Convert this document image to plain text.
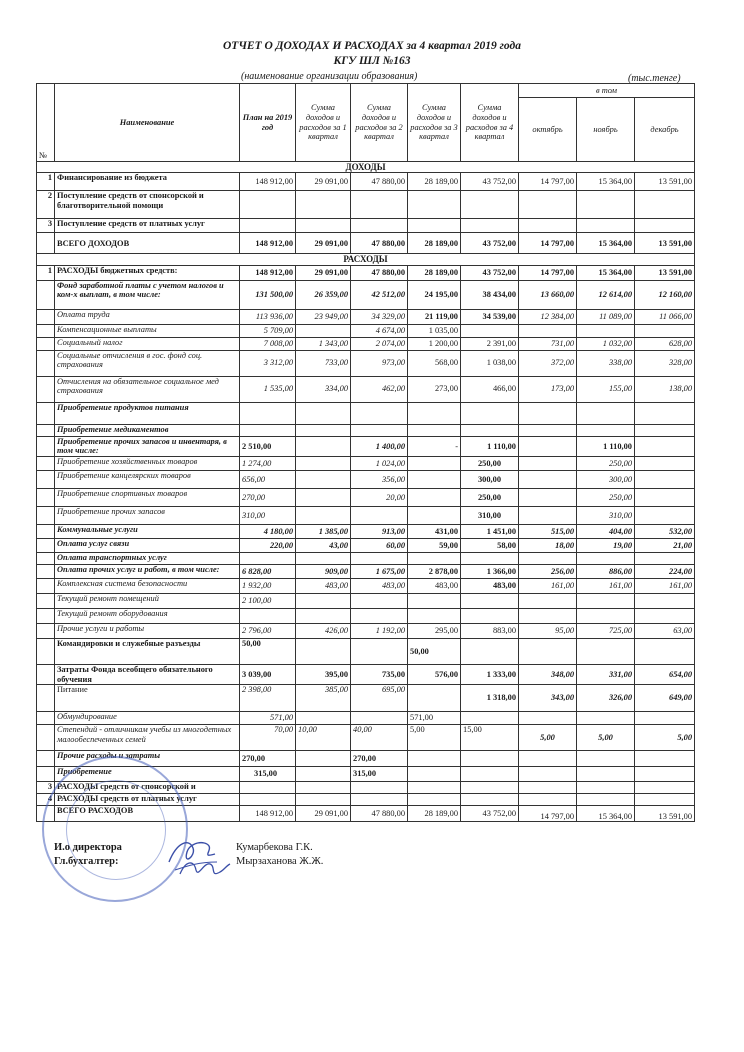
ОТЧЕТ О ДОХОДАХ И РАСХОДАХ за 4 квартал 2019 года
КГУ ШЛ №163
(наименование организации образования)	(тыс.тенге)
№	Наименование	План на 2019 год	Сумма доходов и расходов за 1 квартал	Сумма доходов и расходов за 2 квартал	Сумма доходов и расходов за 3 квартал	Сумма доходов и расходов за 4 квартал	в том		
							октябрь	ноябрь	декабрь
ДОХОДЫ									
1	Финансирование из бюджета	148 912,00	29 091,00	47 880,00	28 189,00	43 752,00	14 797,00	15 364,00	13 591,00
2	Поступление средств от спонсорской и благотворительной помощи								
3	Поступление средств от платных услуг								
	ВСЕГО ДОХОДОВ	148 912,00	29 091,00	47 880,00	28 189,00	43 752,00	14 797,00	15 364,00	13 591,00
РАСХОДЫ									
1	РАСХОДЫ бюджетных средств:	148 912,00	29 091,00	47 880,00	28 189,00	43 752,00	14 797,00	15 364,00	13 591,00
	Фонд заработной платы с учетом налогов и ком-х выплат, в том числе:	131 500,00	26 359,00	42 512,00	24 195,00	38 434,00	13 660,00	12 614,00	12 160,00
	Оплата труда	113 936,00	23 949,00	34 329,00	21 119,00	34 539,00	12 384,00	11 089,00	11 066,00
	Компенсационные выплаты	5 709,00		4 674,00	1 035,00				
	Социальный налог	7 008,00	1 343,00	2 074,00	1 200,00	2 391,00	731,00	1 032,00	628,00
	Социальные отчисления в гос. фонд соц. страхования	3 312,00	733,00	973,00	568,00	1 038,00	372,00	338,00	328,00
	Отчисления на обязательное социальное мед страхования	1 535,00	334,00	462,00	273,00	466,00	173,00	155,00	138,00
	Приобретение продуктов питания								
	Приобретение медикаментов								
	Приобретение прочих запасов и инвентаря, в том числе:	2 510,00		1 400,00	-	1 110,00		1 110,00	
	Приобретение хозяйственных товаров	1 274,00		1 024,00		250,00		250,00	
	Приобретение канцелярских товаров	656,00		356,00		300,00		300,00	
	Приобретение спортивных товаров	270,00		20,00		250,00		250,00	
	Приобретение прочих запасов	310,00				310,00		310,00	
	Коммунальные услуги	4 180,00	1 385,00	913,00	431,00	1 451,00	515,00	404,00	532,00
	Оплата услуг связи	220,00	43,00	60,00	59,00	58,00	18,00	19,00	21,00
	Оплата транспортных услуг								
	Оплата прочих услуг и работ, в том числе:	6 828,00	909,00	1 675,00	2 878,00	1 366,00	256,00	886,00	224,00
	Комплексная система безопасности	1 932,00	483,00	483,00	483,00	483,00	161,00	161,00	161,00
	Текущий ремонт помещений	2 100,00							
	Текущий ремонт оборудования								
	Прочие услуги и работы	2 796,00	426,00	1 192,00	295,00	883,00	95,00	725,00	63,00
	Командировки и служебные разъезды	50,00			50,00				
	Затраты Фонда всеобщего обязательного обучения	3 039,00	395,00	735,00	576,00	1 333,00	348,00	331,00	654,00
	Питание	2 398,00	385,00	695,00		1 318,00	343,00	326,00	649,00
	Обмундирование	571,00			571,00				
	Степендий - отличникам учебы из многодетных малообеспеченных семей	70,00	10,00	40,00	5,00	15,00	5,00	5,00	5,00
	Прочие расходы и затраты	270,00		270,00					
	Приобретение	315,00		315,00					
3	РАСХОДЫ средств от спонсорской и								
4	РАСХОДЫ средств от платных услуг								
	ВСЕГО РАСХОДОВ	148 912,00	29 091,00	47 880,00	28 189,00	43 752,00	14 797,00	15 364,00	13 591,00
И.о директора
Гл.бухгалтер:
Кумарбекова Г.К.
Мырзаханова Ж.Ж.
